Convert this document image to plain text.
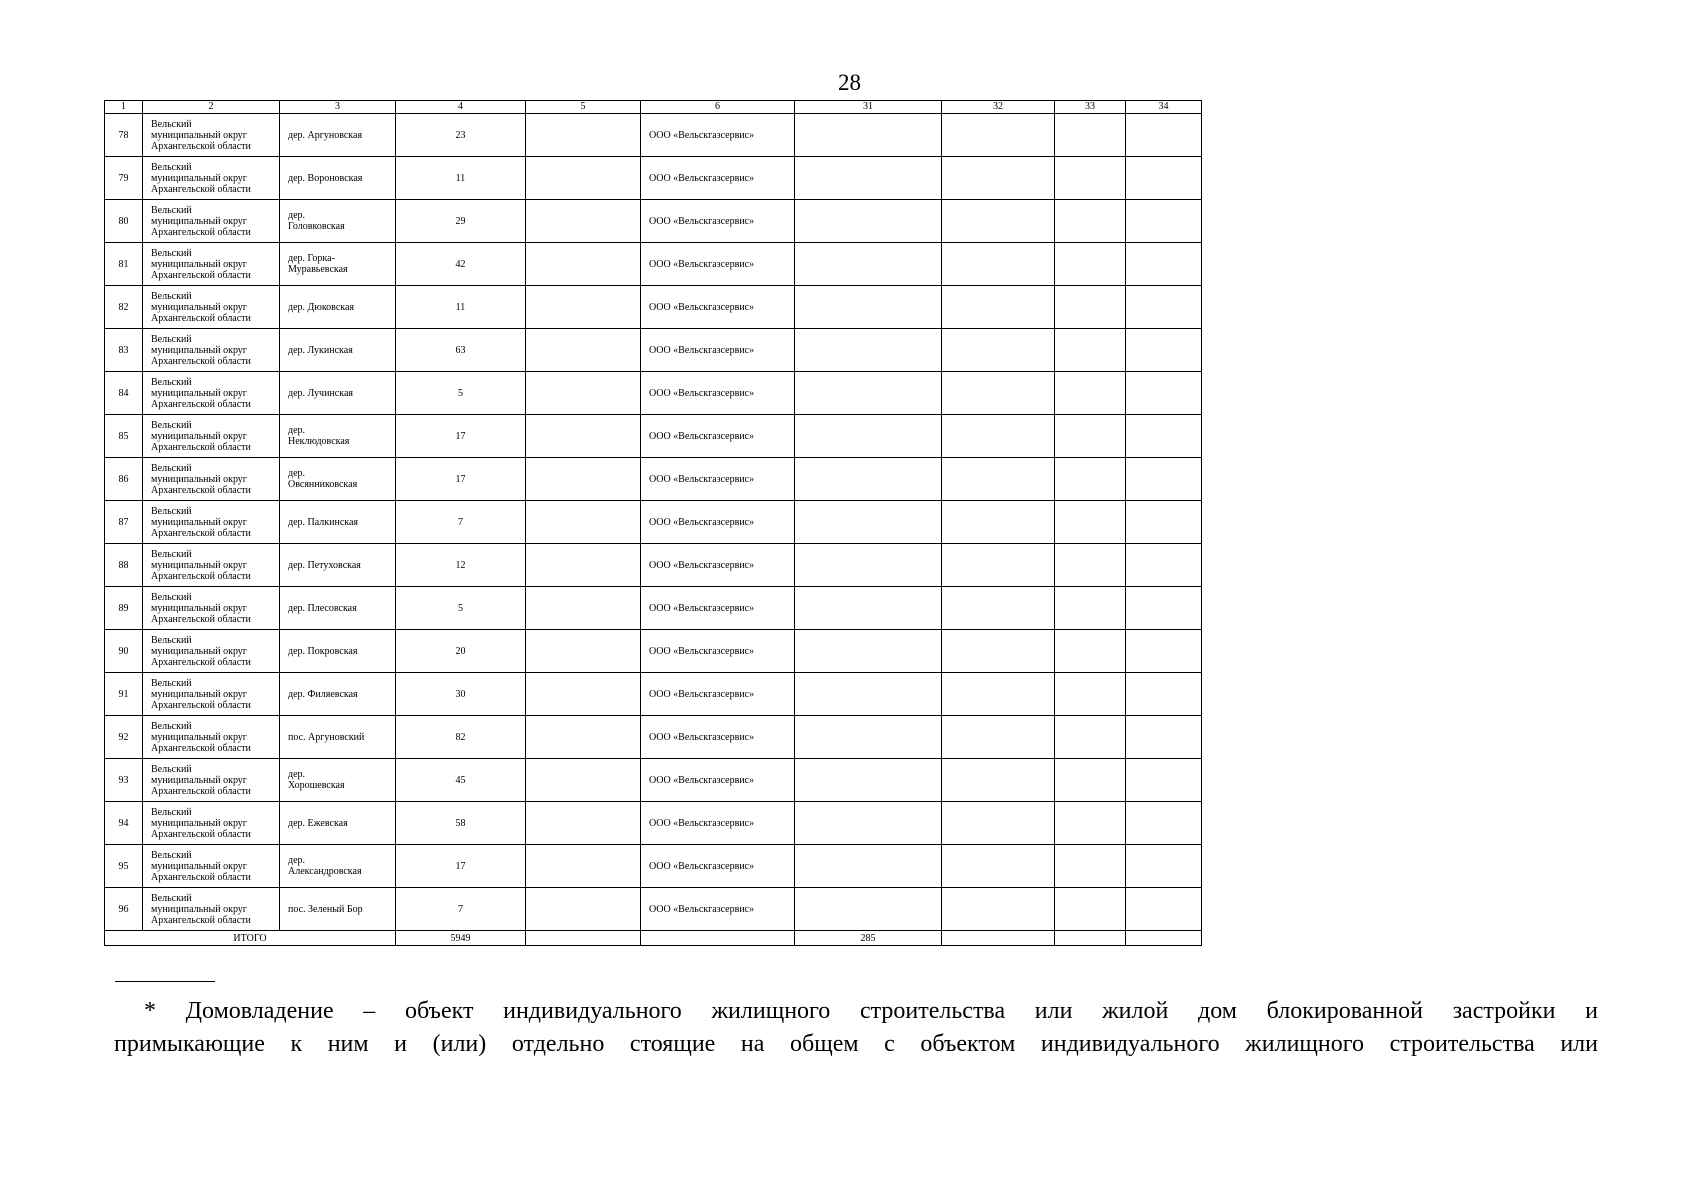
28
1	2	3	4	5	6	31	32	33	34
78	Вельский
муниципальный округ
Архангельской области	дер. Аргуновская	23		ООО «Вельскгазсервис»				
79	Вельский
муниципальный округ
Архангельской области	дер. Вороновская	11		ООО «Вельскгазсервис»				
80	Вельский
муниципальный округ
Архангельской области	дер.
Головковская	29		ООО «Вельскгазсервис»				
81	Вельский
муниципальный округ
Архангельской области	дер. Горка-
Муравьевская	42		ООО «Вельскгазсервис»				
82	Вельский
муниципальный округ
Архангельской области	дер. Дюковская	11		ООО «Вельскгазсервис»				
83	Вельский
муниципальный округ
Архангельской области	дер. Лукинская	63		ООО «Вельскгазсервис»				
84	Вельский
муниципальный округ
Архангельской области	дер. Лучинская	5		ООО «Вельскгазсервис»				
85	Вельский
муниципальный округ
Архангельской области	дер.
Неклюдовская	17		ООО «Вельскгазсервис»				
86	Вельский
муниципальный округ
Архангельской области	дер.
Овсянниковская	17		ООО «Вельскгазсервис»				
87	Вельский
муниципальный округ
Архангельской области	дер. Палкинская	7		ООО «Вельскгазсервис»				
88	Вельский
муниципальный округ
Архангельской области	дер. Петуховская	12		ООО «Вельскгазсервис»				
89	Вельский
муниципальный округ
Архангельской области	дер. Плесовская	5		ООО «Вельскгазсервис»				
90	Вельский
муниципальный округ
Архангельской области	дер. Покровская	20		ООО «Вельскгазсервис»				
91	Вельский
муниципальный округ
Архангельской области	дер. Филяевская	30		ООО «Вельскгазсервис»				
92	Вельский
муниципальный округ
Архангельской области	пос. Аргуновский	82		ООО «Вельскгазсервис»				
93	Вельский
муниципальный округ
Архангельской области	дер.
Хорошевская	45		ООО «Вельскгазсервис»				
94	Вельский
муниципальный округ
Архангельской области	дер. Ежевская	58		ООО «Вельскгазсервис»				
95	Вельский
муниципальный округ
Архангельской области	дер.
Александровская	17		ООО «Вельскгазсервис»				
96	Вельский
муниципальный округ
Архангельской области	пос. Зеленый Бор	7		ООО «Вельскгазсервис»				
ИТОГО			5949			285			

* Домовладение – объект индивидуального жилищного строительства или жилой дом блокированной застройки и

примыкающие к ним и (или) отдельно стоящие на общем с объектом индивидуального жилищного строительства или
